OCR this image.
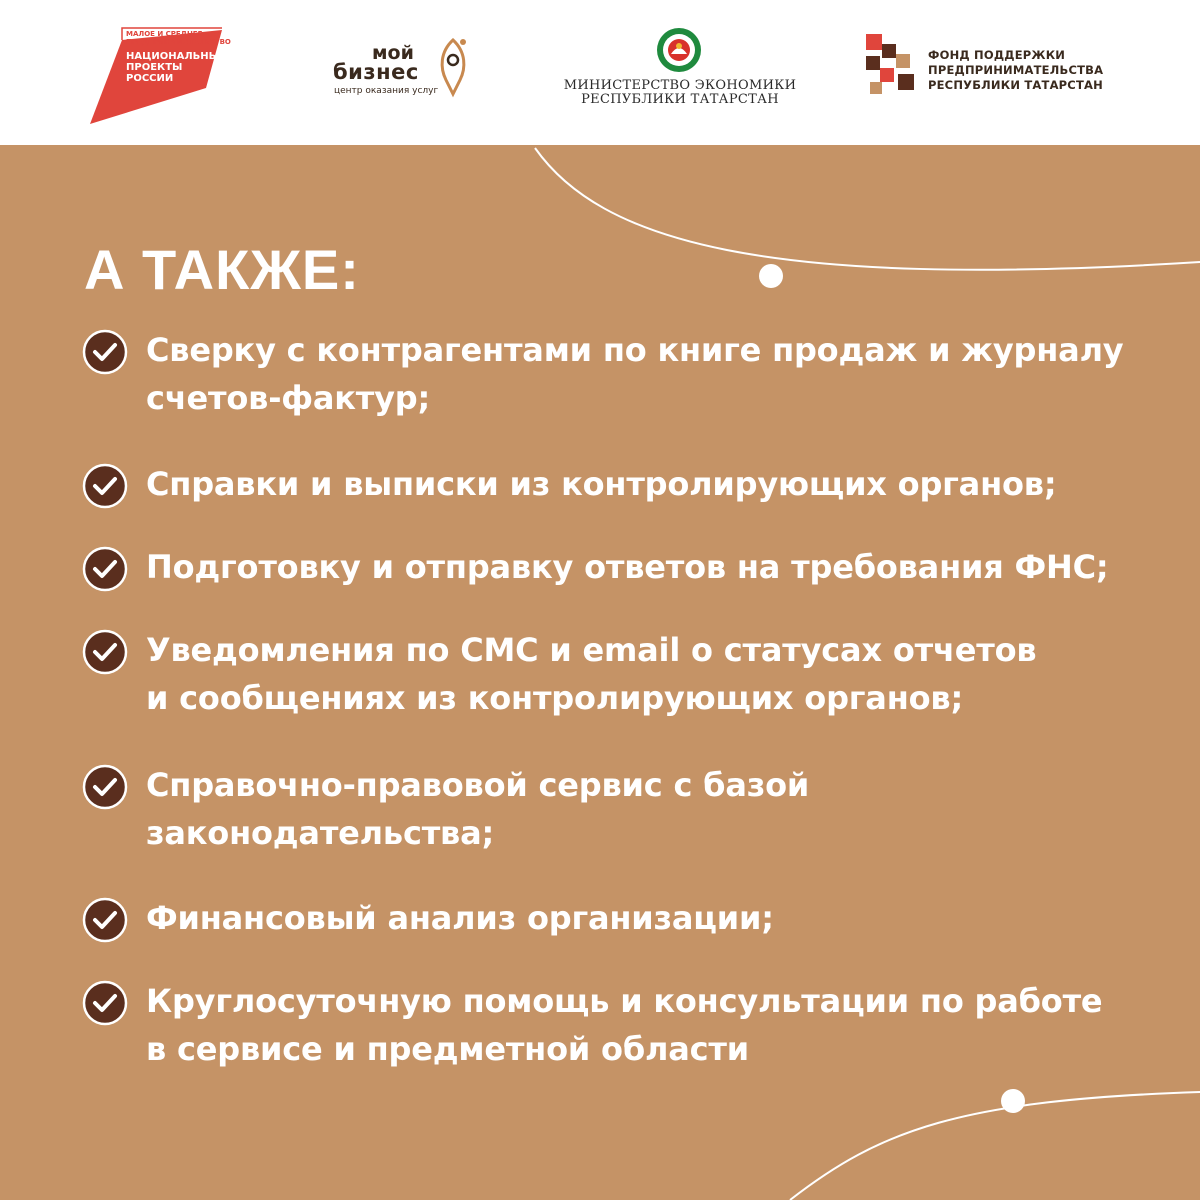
МАЛОЕ И СРЕДНЕЕ ПРЕДПРИНИМАТЕЛЬСТВО
НАЦИОНАЛЬНЫЕ ПРОЕКТЫ РОССИИ
мой
бизнес
центр оказания услуг	МИНИСТЕРСТВО ЭКОНОМИКИ
РЕСПУБЛИКИ ТАТАРСТАН
ФОНД ПОДДЕРЖКИ
ПРЕДПРИНИМАТЕЛЬСТВА
РЕСПУБЛИКИ ТАТАРСТАН
А ТАКЖЕ:
Сверку с контрагентами по книге продаж и журналу
счетов-фактур;
Справки и выписки из контролирующих органов;
Подготовку и отправку ответов на требования ФНС;
Уведомления по СМС и email о статусах отчетов
и сообщениях из контролирующих органов;
Справочно-правовой сервис с базой
законодательства;
Финансовый анализ организации;
Круглосуточную помощь и консультации по работе
в сервисе и предметной области
